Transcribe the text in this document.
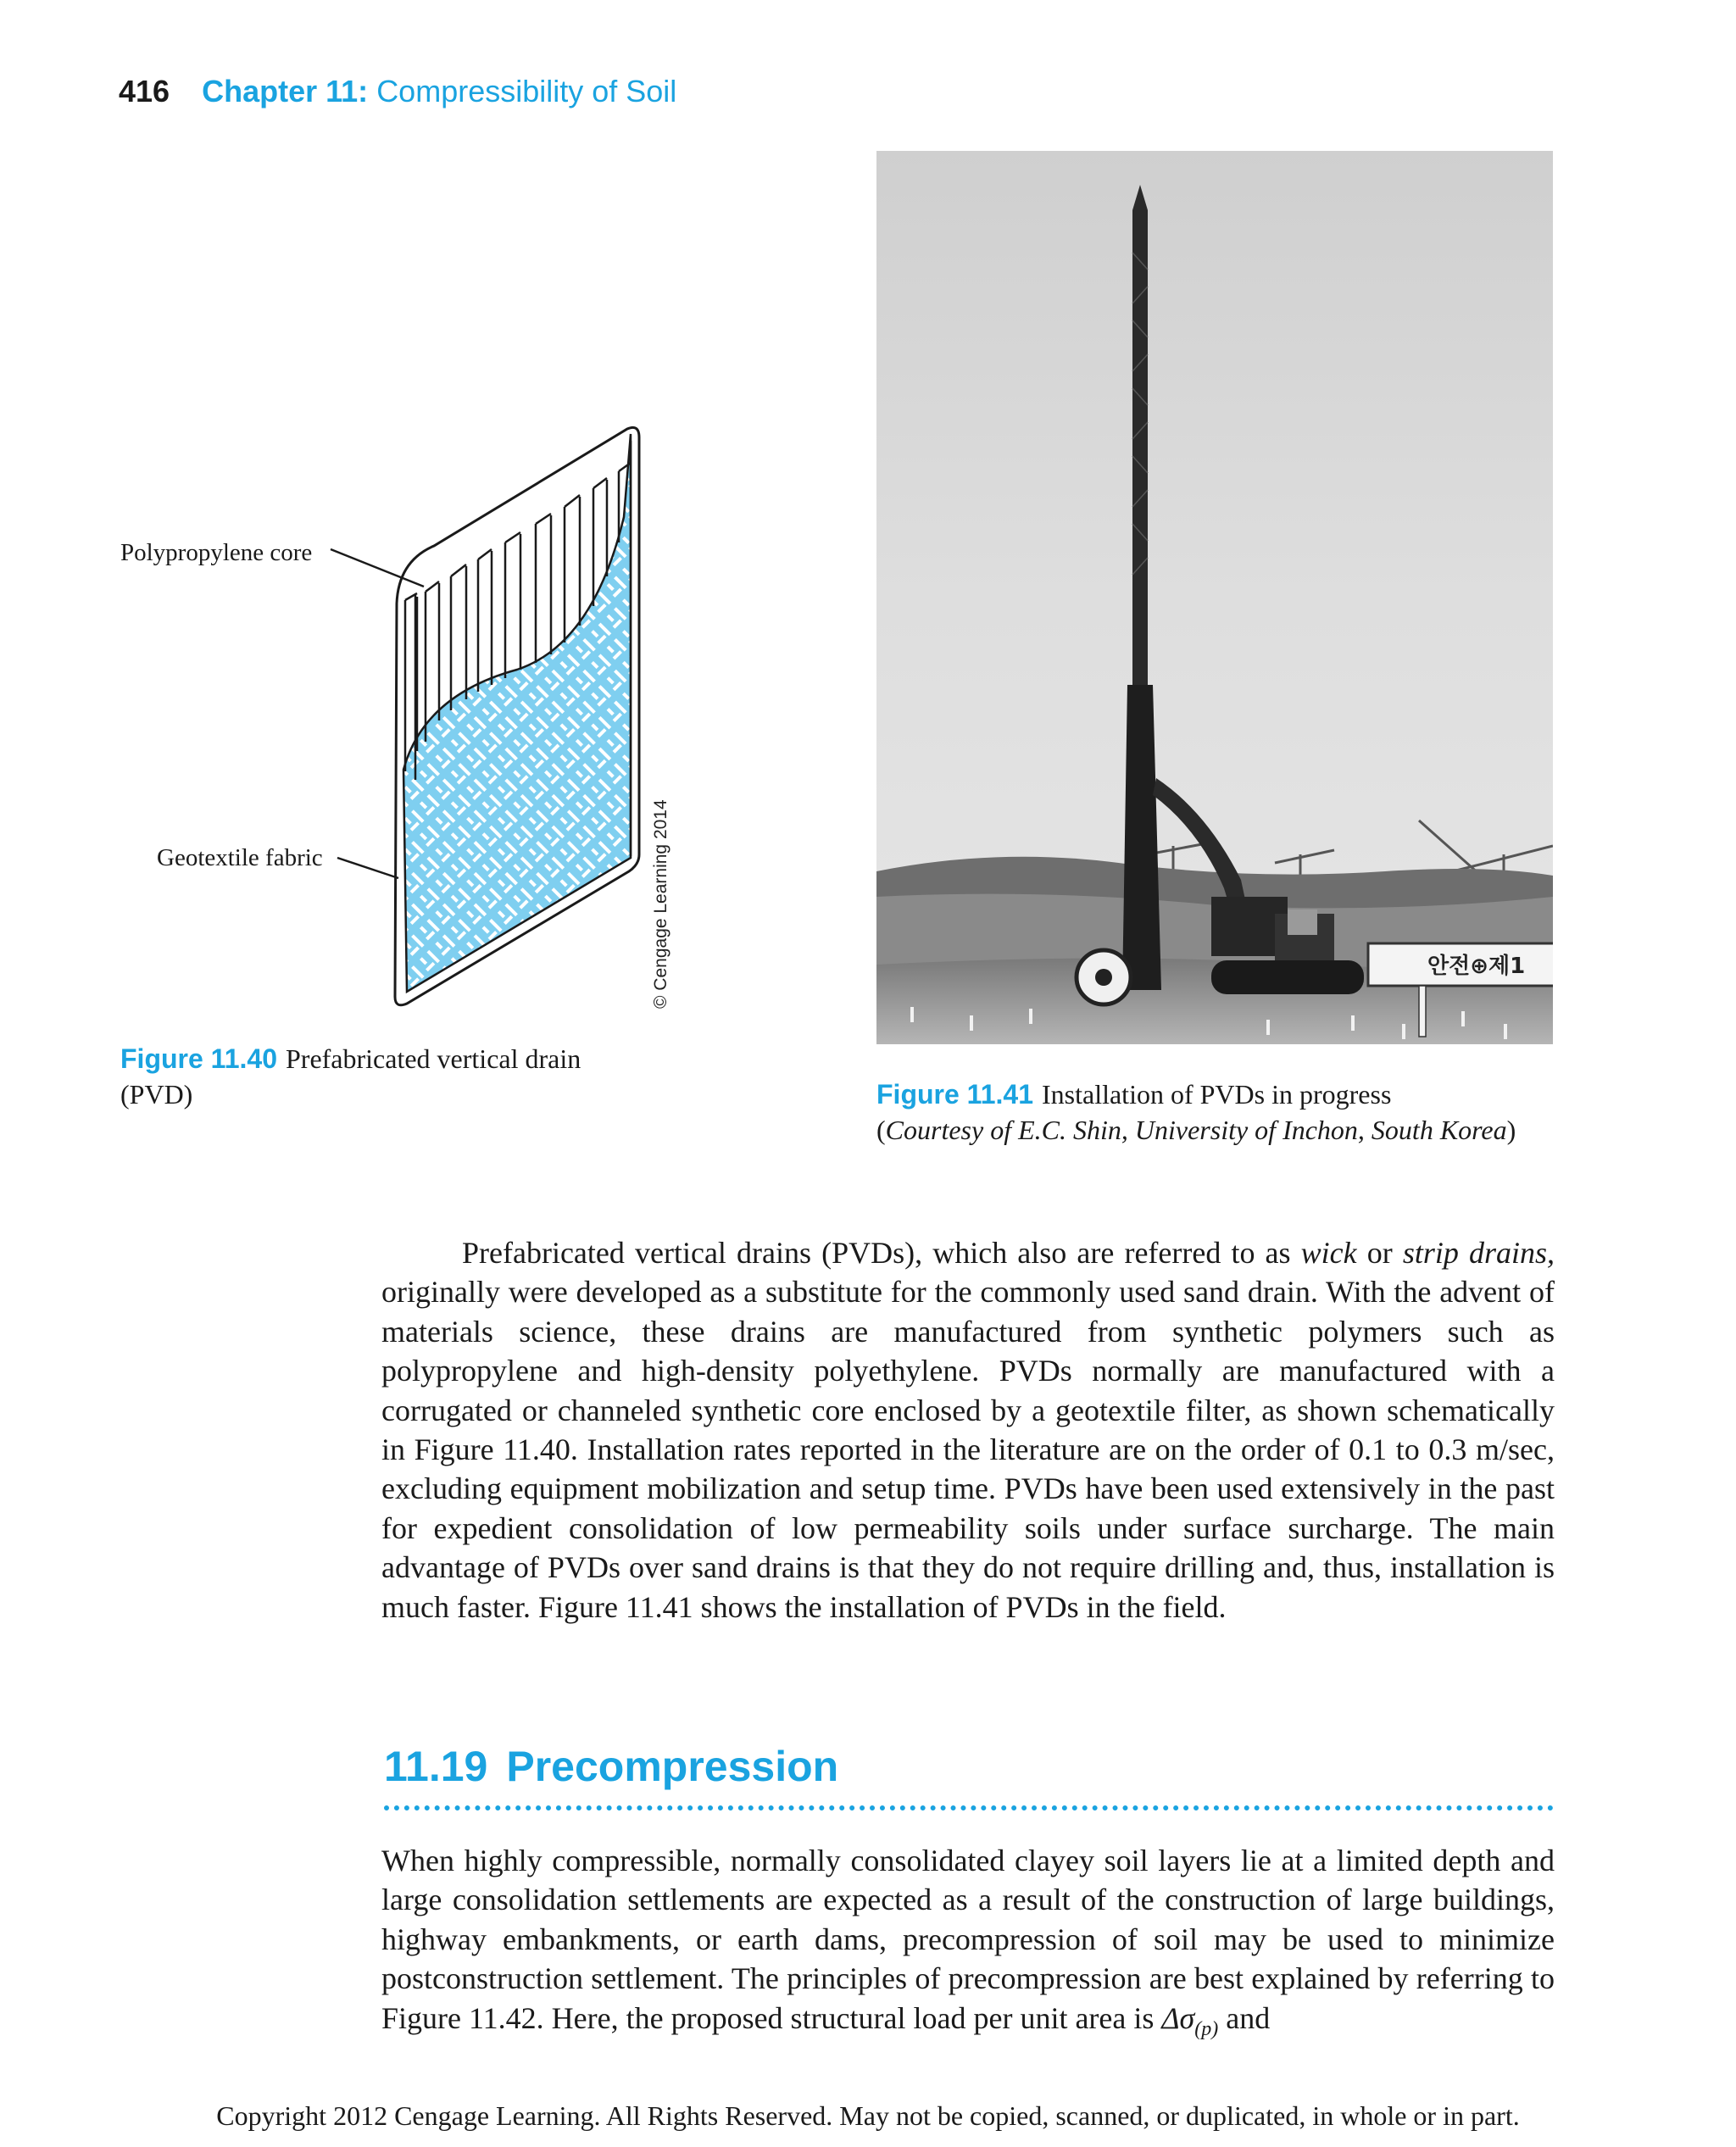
416 Chapter 11: Compressibility of Soil
Polypropylene core
Geotextile fabric	© Cengage Learning 2014
Figure 11.40 Prefabricated vertical drain (PVD)
안전⊕제1
Figure 11.41 Installation of PVDs in progress
(Courtesy of E.C. Shin, University of Inchon, South Korea)

Prefabricated vertical drains (PVDs), which also are referred to as wick or strip drains, originally were developed as a substitute for the commonly used sand drain. With the advent of materials science, these drains are manufactured from synthetic polymers such as polypropylene and high-density polyethylene. PVDs normally are manufactured with a corrugated or channeled synthetic core enclosed by a geotextile filter, as shown schematically in Figure 11.40. Installation rates reported in the literature are on the order of 0.1 to 0.3 m/sec, excluding equipment mobilization and setup time. PVDs have been used extensively in the past for expedient consolidation of low permeability soils under surface surcharge. The main advantage of PVDs over sand drains is that they do not require drilling and, thus, installation is much faster. Figure 11.41 shows the installation of PVDs in the field.

11.19 Precompression

When highly compressible, normally consolidated clayey soil layers lie at a limited depth and large consolidation settlements are expected as a result of the construction of large buildings, highway embankments, or earth dams, precompression of soil may be used to minimize postconstruction settlement. The principles of precompression are best explained by referring to Figure 11.42. Here, the proposed structural load per unit area is $\Delta\sigma_{(p)}$ and

Copyright 2012 Cengage Learning. All Rights Reserved. May not be copied, scanned, or duplicated, in whole or in part.
